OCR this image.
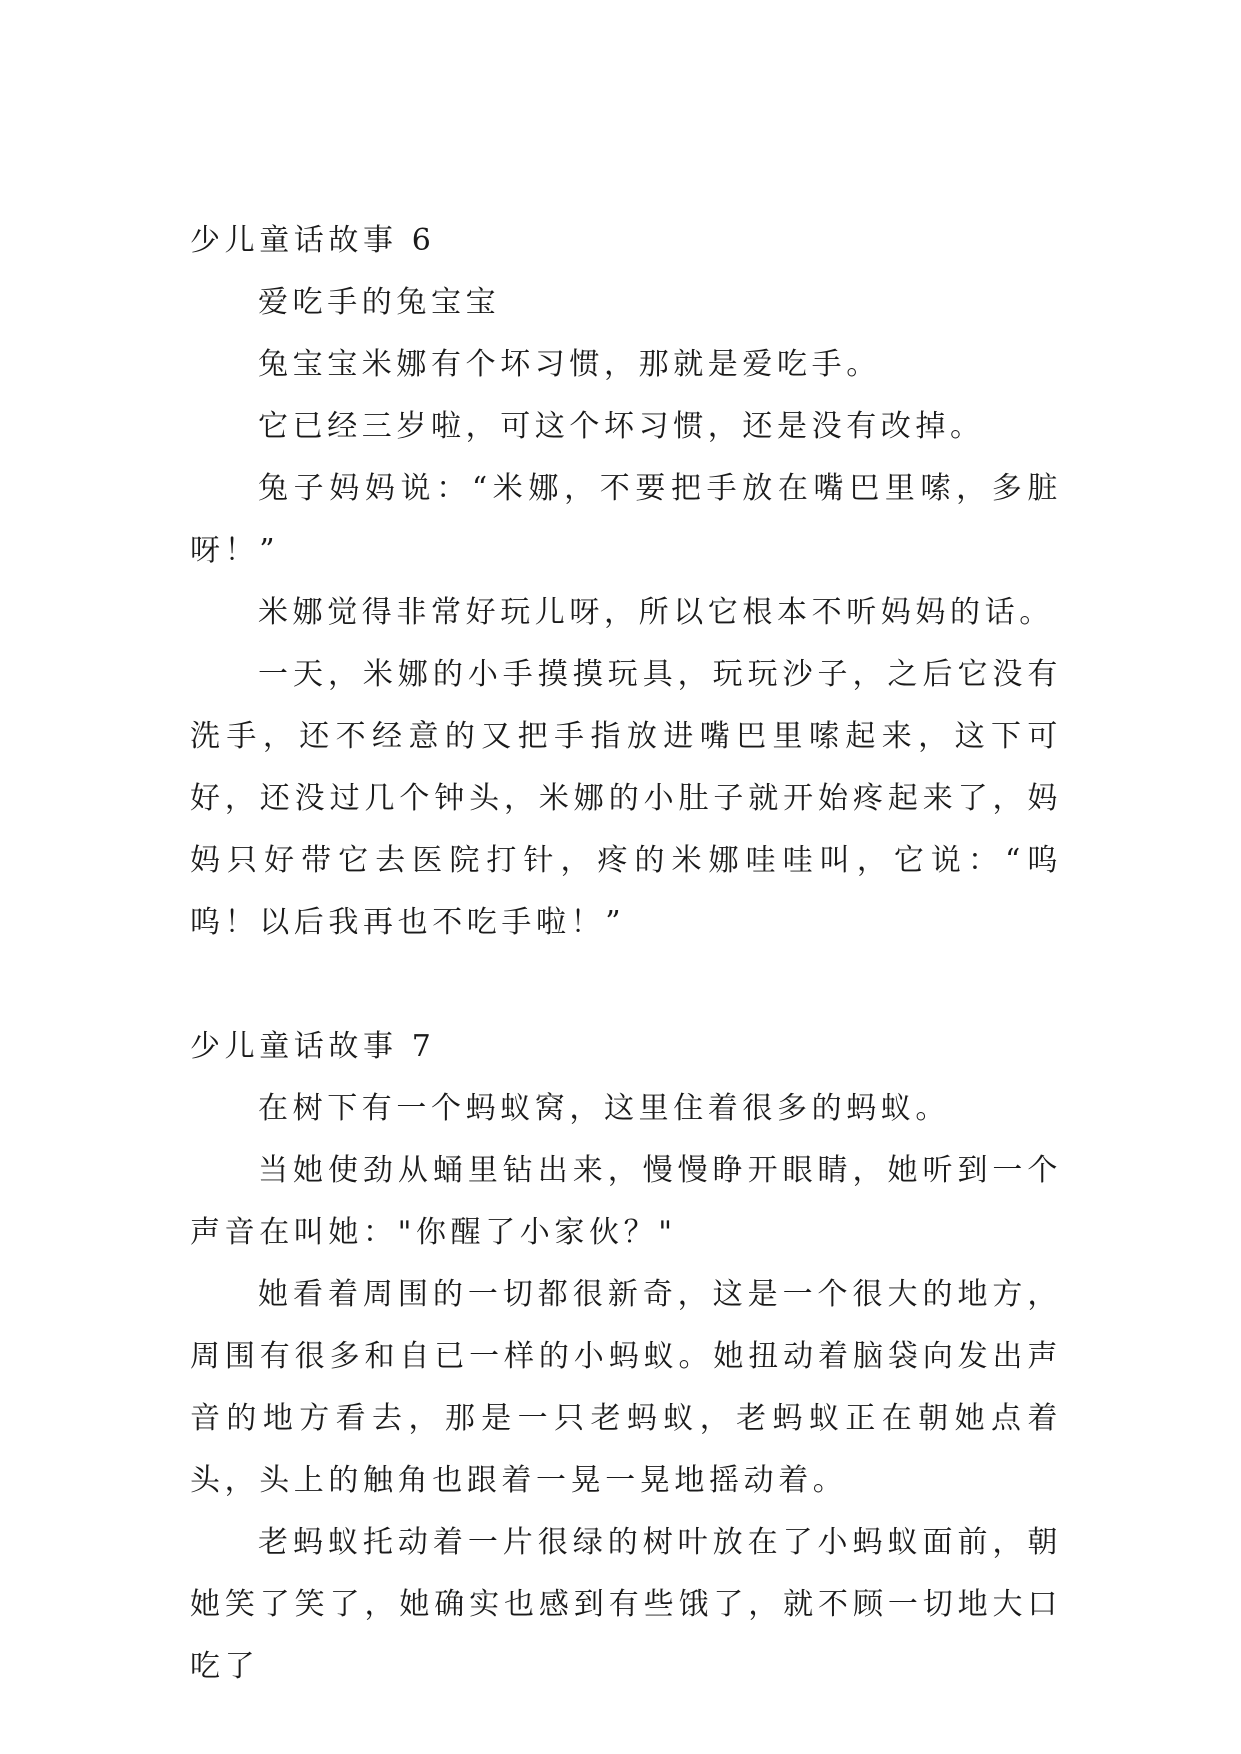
少儿童话故事 6

爱吃手的兔宝宝

兔宝宝米娜有个坏习惯，那就是爱吃手。

它已经三岁啦，可这个坏习惯，还是没有改掉。

兔子妈妈说：“米娜，不要把手放在嘴巴里嗦，多脏呀！”

米娜觉得非常好玩儿呀，所以它根本不听妈妈的话。

一天，米娜的小手摸摸玩具，玩玩沙子，之后它没有洗手，还不经意的又把手指放进嘴巴里嗦起来，这下可好，还没过几个钟头，米娜的小肚子就开始疼起来了，妈妈只好带它去医院打针，疼的米娜哇哇叫，它说：“呜呜！以后我再也不吃手啦！”

少儿童话故事 7

在树下有一个蚂蚁窝，这里住着很多的蚂蚁。

当她使劲从蛹里钻出来，慢慢睁开眼睛，她听到一个声音在叫她："你醒了小家伙？"

她看着周围的一切都很新奇，这是一个很大的地方，周围有很多和自已一样的小蚂蚁。她扭动着脑袋向发出声音的地方看去，那是一只老蚂蚁，老蚂蚁正在朝她点着头，头上的触角也跟着一晃一晃地摇动着。

老蚂蚁托动着一片很绿的树叶放在了小蚂蚁面前，朝她笑了笑了，她确实也感到有些饿了，就不顾一切地大口吃了
